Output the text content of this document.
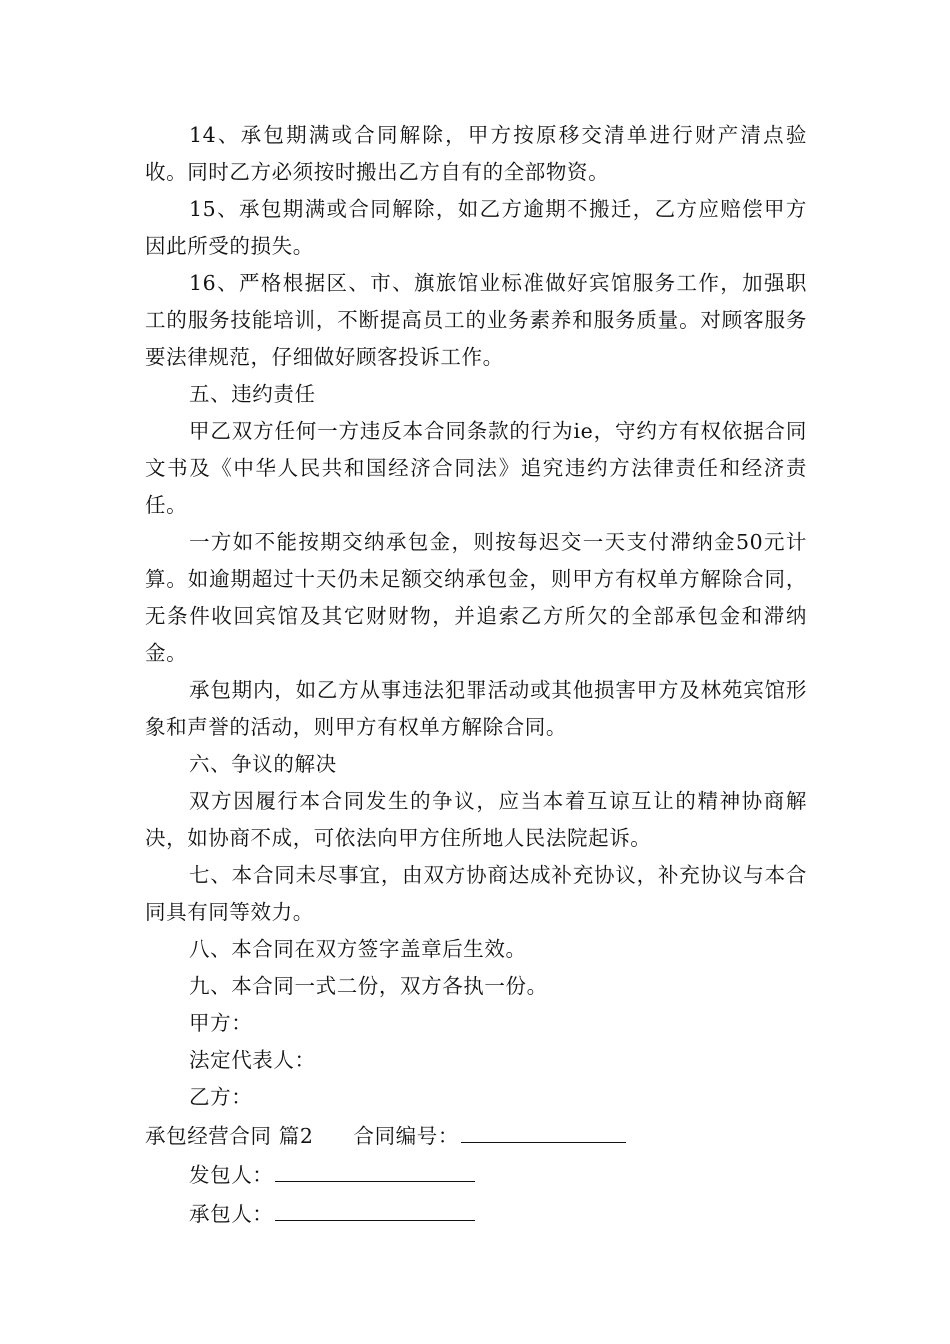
14、承包期满或合同解除，甲方按原移交清单进行财产清点验收。同时乙方必须按时搬出乙方自有的全部物资。

15、承包期满或合同解除，如乙方逾期不搬迁，乙方应赔偿甲方因此所受的损失。

16、严格根据区、市、旗旅馆业标准做好宾馆服务工作，加强职工的服务技能培训，不断提高员工的业务素养和服务质量。对顾客服务要法律规范，仔细做好顾客投诉工作。

五、违约责任

甲乙双方任何一方违反本合同条款的行为ie，守约方有权依据合同文书及《中华人民共和国经济合同法》追究违约方法律责任和经济责任。

一方如不能按期交纳承包金，则按每迟交一天支付滞纳金50元计算。如逾期超过十天仍未足额交纳承包金，则甲方有权单方解除合同，无条件收回宾馆及其它财财物，并追索乙方所欠的全部承包金和滞纳金。

承包期内，如乙方从事违法犯罪活动或其他损害甲方及林苑宾馆形象和声誉的活动，则甲方有权单方解除合同。

六、争议的解决

双方因履行本合同发生的争议，应当本着互谅互让的精神协商解决，如协商不成，可依法向甲方住所地人民法院起诉。

七、本合同未尽事宜，由双方协商达成补充协议，补充协议与本合同具有同等效力。

八、本合同在双方签字盖章后生效。

九、本合同一式二份，双方各执一份。

甲方：

法定代表人：

乙方：

承包经营合同 篇2 合同编号：

发包人：

承包人：
